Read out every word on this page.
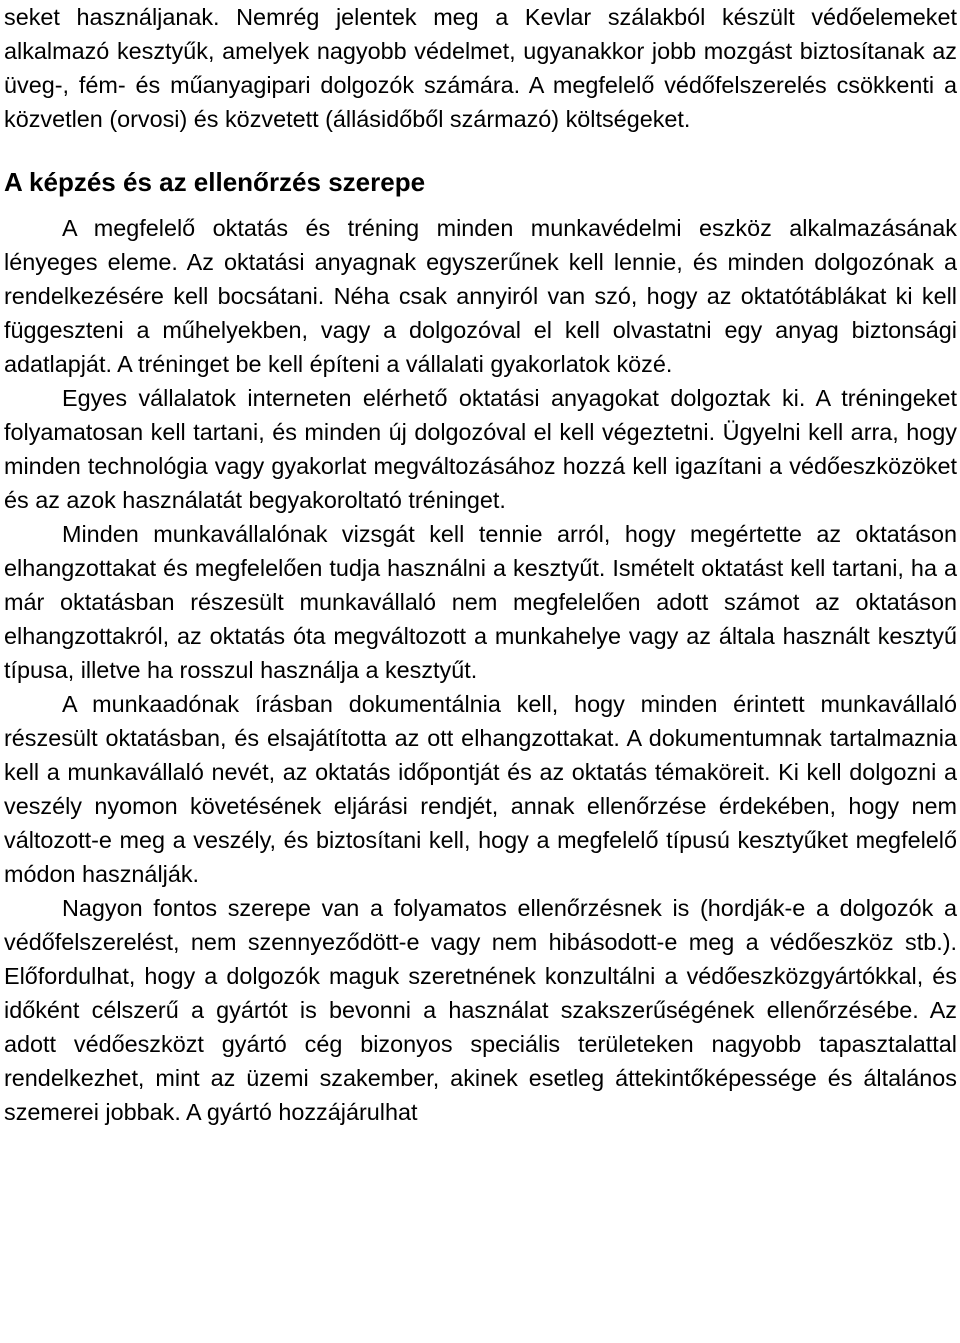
seket használjanak. Nemrég jelentek meg a Kevlar szálakból készült védőelemeket alkalmazó kesztyűk, amelyek nagyobb védelmet, ugyanakkor jobb mozgást biztosítanak az üveg-, fém- és műanyagipari dolgozók számára. A megfelelő védőfelszerelés csökkenti a közvetlen (orvosi) és közvetett (állásidőből származó) költségeket.

A képzés és az ellenőrzés szerepe

A megfelelő oktatás és tréning minden munkavédelmi eszköz alkalmazásának lényeges eleme. Az oktatási anyagnak egyszerűnek kell lennie, és minden dolgozónak a rendelkezésére kell bocsátani. Néha csak annyiról van szó, hogy az oktatótáblákat ki kell függeszteni a műhelyekben, vagy a dolgozóval el kell olvastatni egy anyag biztonsági adatlapját. A tréninget be kell építeni a vállalati gyakorlatok közé.

Egyes vállalatok interneten elérhető oktatási anyagokat dolgoztak ki. A tréningeket folyamatosan kell tartani, és minden új dolgozóval el kell végeztetni. Ügyelni kell arra, hogy minden technológia vagy gyakorlat megváltozásához hozzá kell igazítani a védőeszközöket és az azok használatát begyakoroltató tréninget.

Minden munkavállalónak vizsgát kell tennie arról, hogy megértette az oktatáson elhangzottakat és megfelelően tudja használni a kesztyűt. Ismételt oktatást kell tartani, ha a már oktatásban részesült munkavállaló nem megfelelően adott számot az oktatáson elhangzottakról, az oktatás óta megváltozott a munkahelye vagy az általa használt kesztyű típusa, illetve ha rosszul használja a kesztyűt.

A munkaadónak írásban dokumentálnia kell, hogy minden érintett munkavállaló részesült oktatásban, és elsajátította az ott elhangzottakat. A dokumentumnak tartalmaznia kell a munkavállaló nevét, az oktatás időpontját és az oktatás témaköreit. Ki kell dolgozni a veszély nyomon követésének eljárási rendjét, annak ellenőrzése érdekében, hogy nem változott-e meg a veszély, és biztosítani kell, hogy a megfelelő típusú kesztyűket megfelelő módon használják.

Nagyon fontos szerepe van a folyamatos ellenőrzésnek is (hordják-e a dolgozók a védőfelszerelést, nem szennyeződött-e vagy nem hibásodott-e meg a védőeszköz stb.). Előfordulhat, hogy a dolgozók maguk szeretnének konzultálni a védőeszközgyártókkal, és időként célszerű a gyártót is bevonni a használat szakszerűségének ellenőrzésébe. Az adott védőeszközt gyártó cég bizonyos speciális területeken nagyobb tapasztalattal rendelkezhet, mint az üzemi szakember, akinek esetleg áttekintőképessége és általános szemerei jobbak. A gyártó hozzájárulhat
